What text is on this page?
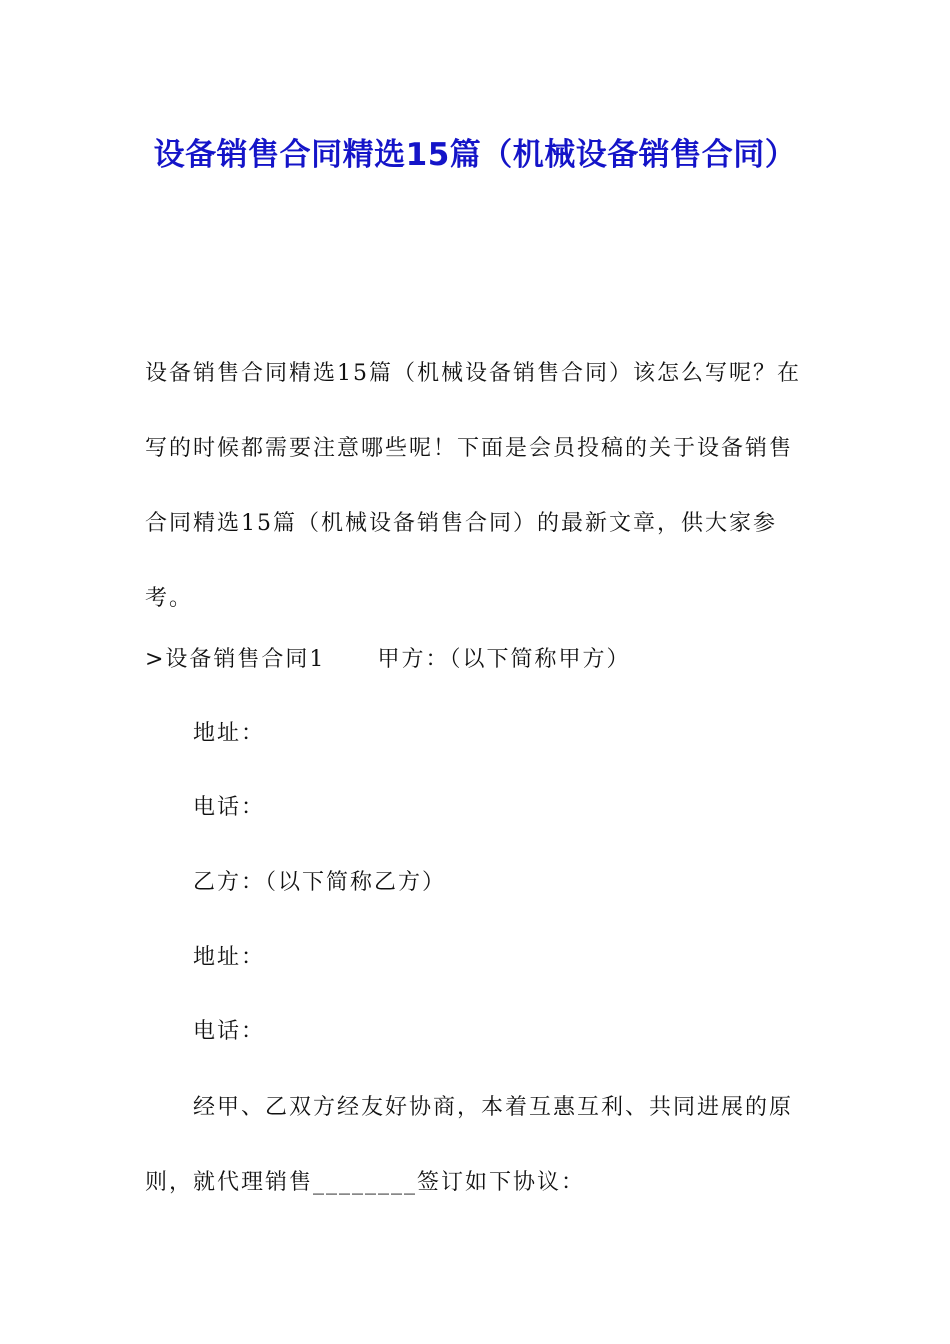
设备销售合同精选15篇（机械设备销售合同）

设备销售合同精选15篇（机械设备销售合同）该怎么写呢？在写的时候都需要注意哪些呢！下面是会员投稿的关于设备销售合同精选15篇（机械设备销售合同）的最新文章，供大家参考。

>设备销售合同1 甲方：（以下简称甲方）

地址：

电话：

乙方：（以下简称乙方）

地址：

电话：

经甲、乙双方经友好协商，本着互惠互利、共同进展的原

则，就代理销售________签订如下协议：
